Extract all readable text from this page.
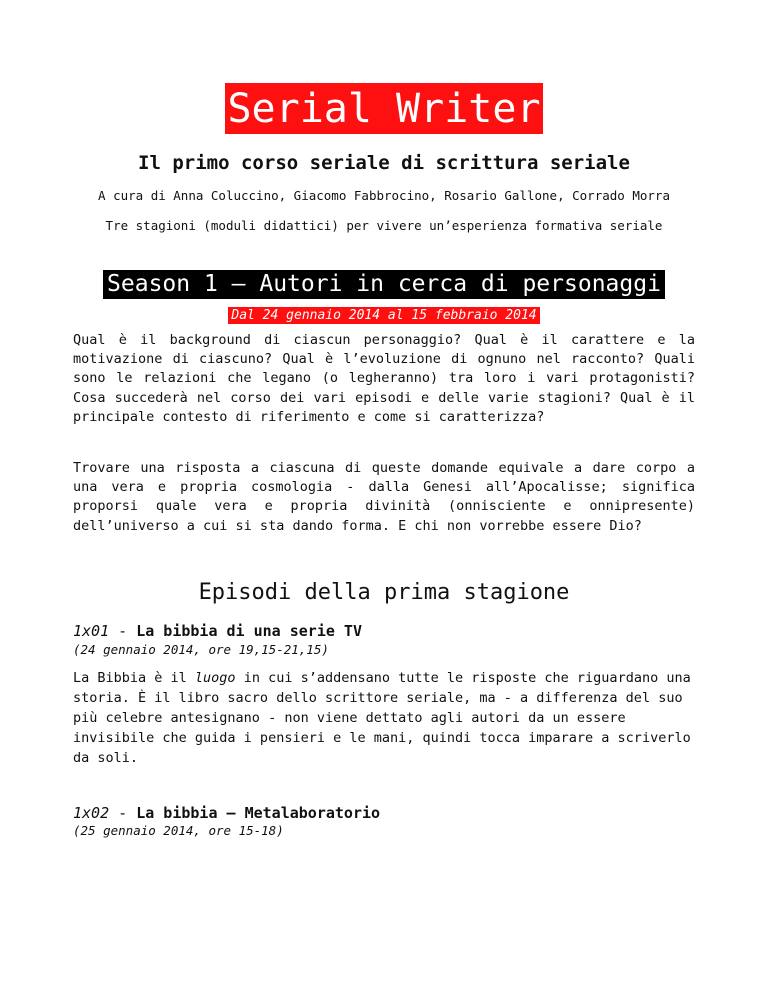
Serial Writer
Il primo corso seriale di scrittura seriale
A cura di Anna Coluccino, Giacomo Fabbrocino, Rosario Gallone, Corrado Morra
Tre stagioni (moduli didattici) per vivere un’esperienza formativa seriale
Season 1 – Autori in cerca di personaggi
Dal 24 gennaio 2014 al 15 febbraio 2014

Qual è il background di ciascun personaggio? Qual è il carattere e la motivazione di ciascuno? Qual è l’evoluzione di ognuno nel racconto? Quali sono le relazioni che legano (o legheranno) tra loro i vari protagonisti? Cosa succederà nel corso dei vari episodi e delle varie stagioni? Qual è il principale contesto di riferimento e come si caratterizza?

Trovare una risposta a ciascuna di queste domande equivale a dare corpo a una vera e propria cosmologia - dalla Genesi all’Apocalisse; significa proporsi quale vera e propria divinità (onnisciente e onnipresente) dell’universo a cui si sta dando forma. E chi non vorrebbe essere Dio?

Episodi della prima stagione
1x01 - La bibbia di una serie TV
(24 gennaio 2014, ore 19,15-21,15)

La Bibbia è il luogo in cui s’addensano tutte le risposte che riguardano una storia. È il libro sacro dello scrittore seriale, ma - a differenza del suo più celebre antesignano - non viene dettato agli autori da un essere invisibile che guida i pensieri e le mani, quindi tocca imparare a scriverlo da soli.

1x02 - La bibbia – Metalaboratorio
(25 gennaio 2014, ore 15-18)
